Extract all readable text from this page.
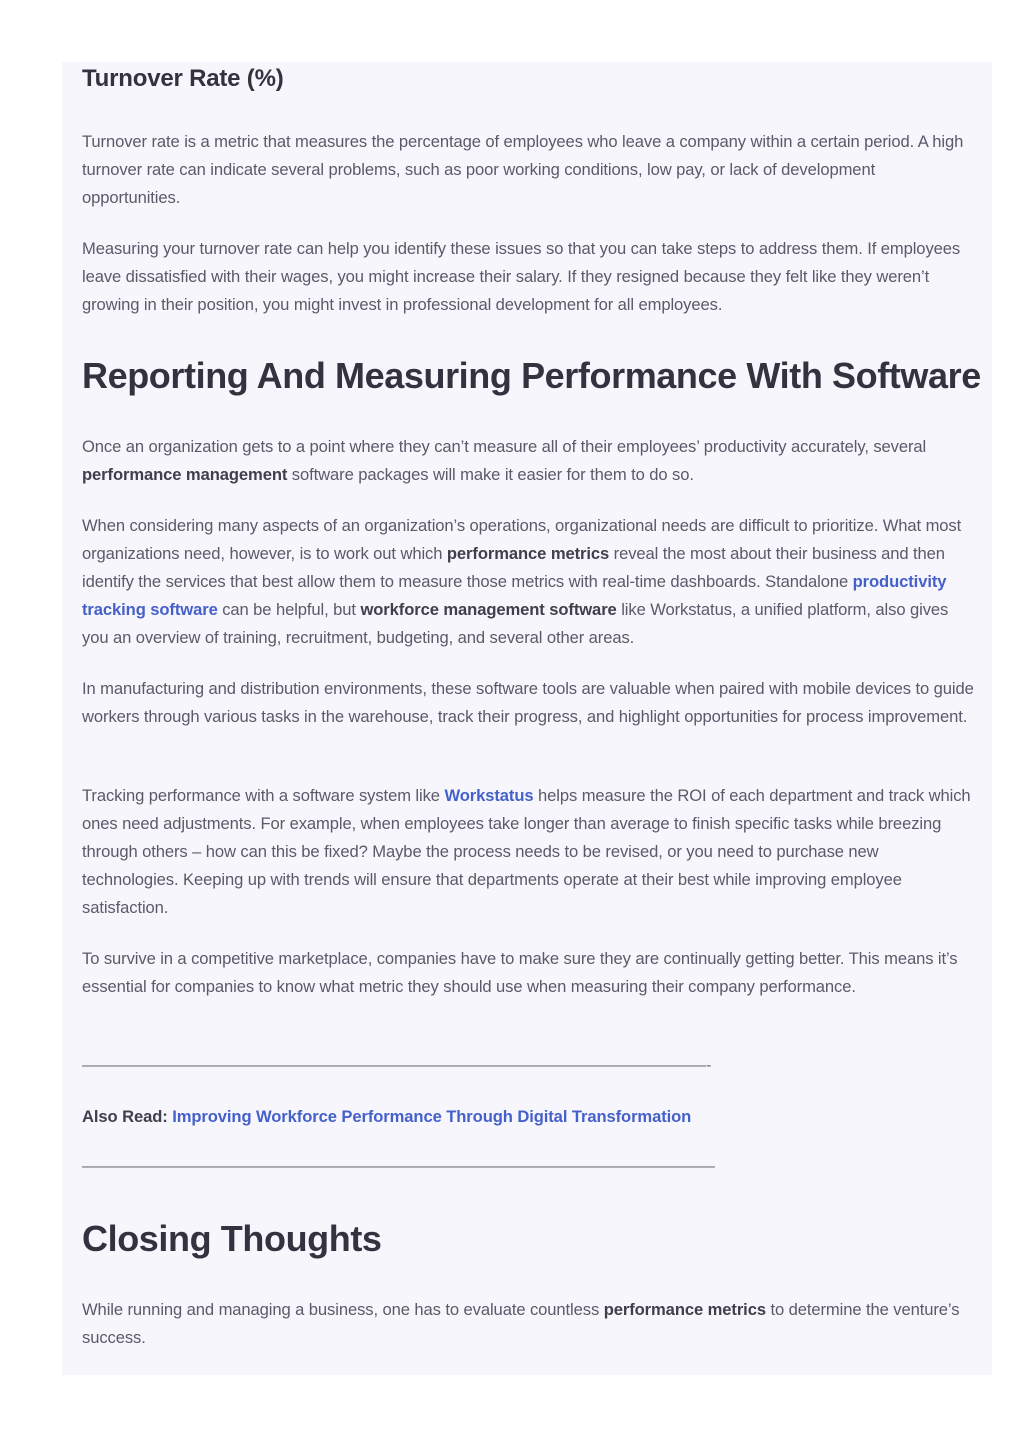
Turnover Rate (%)

Turnover rate is a metric that measures the percentage of employees who leave a company within a certain period. A high turnover rate can indicate several problems, such as poor working conditions, low pay, or lack of development opportunities.

Measuring your turnover rate can help you identify these issues so that you can take steps to address them. If employees leave dissatisfied with their wages, you might increase their salary. If they resigned because they felt like they weren’t growing in their position, you might invest in professional development for all employees.

Reporting And Measuring Performance With Software

Once an organization gets to a point where they can’t measure all of their employees’ productivity accurately, several performance management software packages will make it easier for them to do so.

When considering many aspects of an organization’s operations, organizational needs are difficult to prioritize. What most organizations need, however, is to work out which performance metrics reveal the most about their business and then identify the services that best allow them to measure those metrics with real-time dashboards. Standalone productivity tracking software can be helpful, but workforce management software like Workstatus, a unified platform, also gives you an overview of training, recruitment, budgeting, and several other areas.

In manufacturing and distribution environments, these software tools are valuable when paired with mobile devices to guide workers through various tasks in the warehouse, track their progress, and highlight opportunities for process improvement.

Tracking performance with a software system like Workstatus helps measure the ROI of each department and track which ones need adjustments. For example, when employees take longer than average to finish specific tasks while breezing through others – how can this be fixed? Maybe the process needs to be revised, or you need to purchase new technologies. Keeping up with trends will ensure that departments operate at their best while improving employee satisfaction.

To survive in a competitive marketplace, companies have to make sure they are continually getting better. This means it’s essential for companies to know what metric they should use when measuring their company performance.

———————————————————————————————————————-

Also Read: Improving Workforce Performance Through Digital Transformation

———————————————————————————————————————–
Closing Thoughts

While running and managing a business, one has to evaluate countless performance metrics to determine the venture’s success.
